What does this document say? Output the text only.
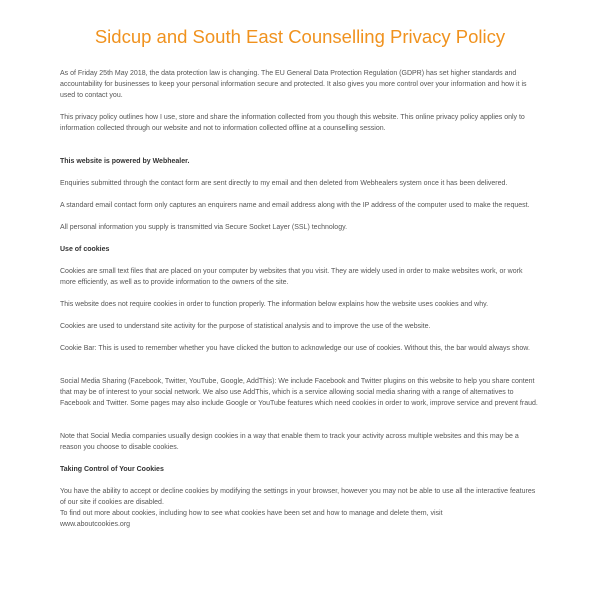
Sidcup and South East Counselling Privacy Policy

As of Friday 25th May 2018, the data protection law is changing. The EU General Data Protection Regulation (GDPR) has set higher standards and accountability for businesses to keep your personal information secure and protected. It also gives you more control over your information and how it is used to contact you.

This privacy policy outlines how I use, store and share the information collected from you though this website. This online privacy policy applies only to information collected through our website and not to information collected offline at a counselling session.

This website is powered by Webhealer.

Enquiries submitted through the contact form are sent directly to my email and then deleted from Webhealers system once it has been delivered.

A standard email contact form only captures an enquirers name and email address along with the IP address of the computer used to make the request.

All personal information you supply is transmitted via Secure Socket Layer (SSL) technology.

Use of cookies

Cookies are small text files that are placed on your computer by websites that you visit. They are widely used in order to make websites work, or work more efficiently, as well as to provide information to the owners of the site.

This website does not require cookies in order to function properly. The information below explains how the website uses cookies and why.

Cookies are used to understand site activity for the purpose of statistical analysis and to improve the use of the website.

Cookie Bar: This is used to remember whether you have clicked the button to acknowledge our use of cookies. Without this, the bar would always show.

Social Media Sharing (Facebook, Twitter, YouTube, Google, AddThis): We include Facebook and Twitter plugins on this website to help you share content that may be of interest to your social network. We also use AddThis, which is a service allowing social media sharing with a range of alternatives to Facebook and Twitter. Some pages may also include Google or YouTube features which need cookies in order to work, improve service and prevent fraud.

Note that Social Media companies usually design cookies in a way that enable them to track your activity across multiple websites and this may be a reason you choose to disable cookies.

Taking Control of Your Cookies

You have the ability to accept or decline cookies by modifying the settings in your browser, however you may not be able to use all the interactive features of our site if cookies are disabled.

To find out more about cookies, including how to see what cookies have been set and how to manage and delete them, visit

www.aboutcookies.org
